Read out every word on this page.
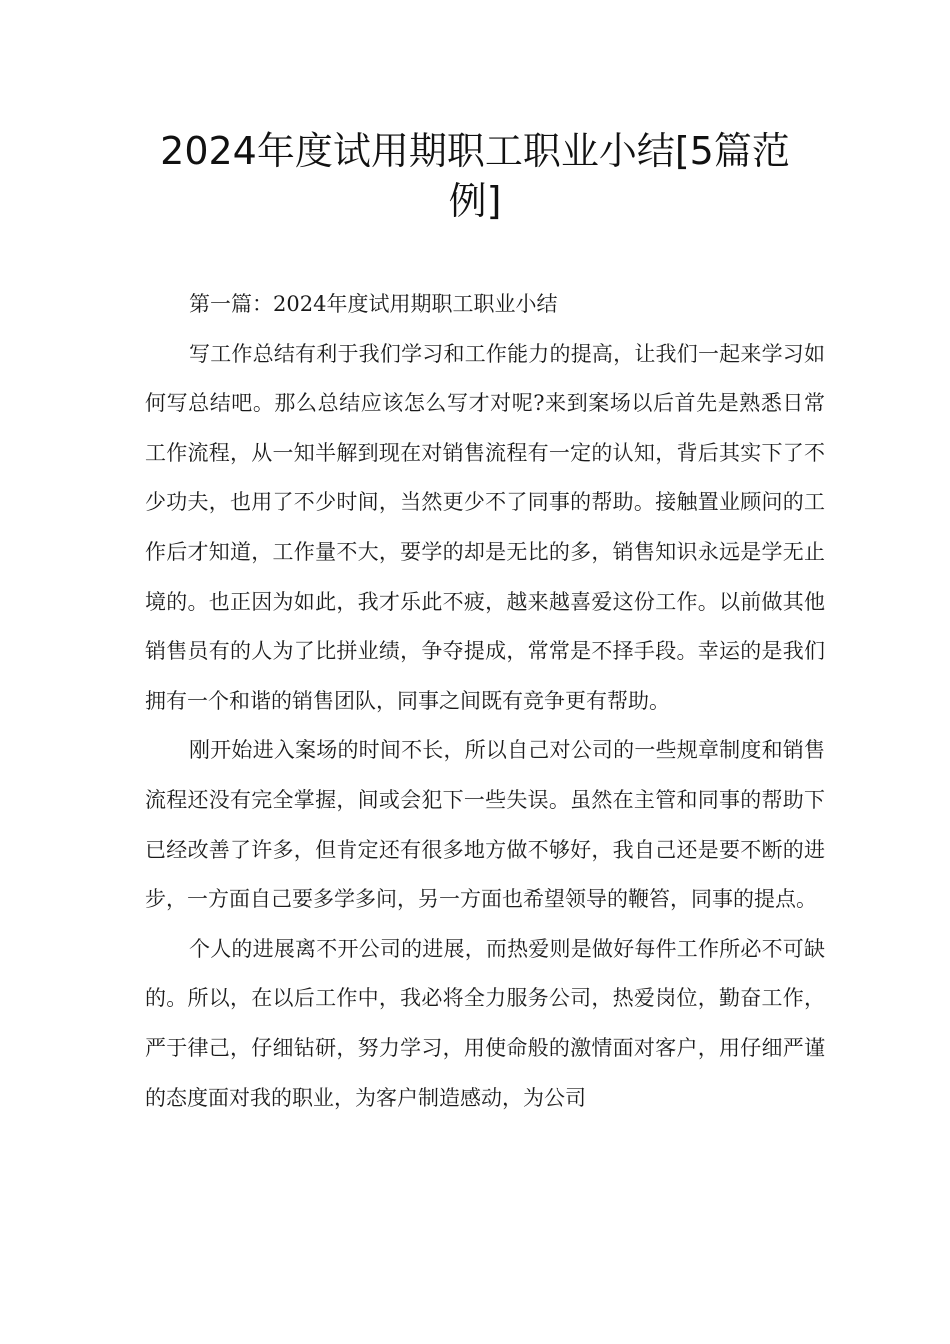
2024年度试用期职工职业小结[5篇范例]

第一篇：2024年度试用期职工职业小结

写工作总结有利于我们学习和工作能力的提高，让我们一起来学习如何写总结吧。那么总结应该怎么写才对呢?来到案场以后首先是熟悉日常工作流程，从一知半解到现在对销售流程有一定的认知，背后其实下了不少功夫，也用了不少时间，当然更少不了同事的帮助。接触置业顾问的工作后才知道，工作量不大，要学的却是无比的多，销售知识永远是学无止境的。也正因为如此，我才乐此不疲，越来越喜爱这份工作。以前做其他销售员有的人为了比拼业绩，争夺提成，常常是不择手段。幸运的是我们拥有一个和谐的销售团队，同事之间既有竞争更有帮助。

刚开始进入案场的时间不长，所以自己对公司的一些规章制度和销售流程还没有完全掌握，间或会犯下一些失误。虽然在主管和同事的帮助下已经改善了许多，但肯定还有很多地方做不够好，我自己还是要不断的进步，一方面自己要多学多问，另一方面也希望领导的鞭笞，同事的提点。

个人的进展离不开公司的进展，而热爱则是做好每件工作所必不可缺的。所以，在以后工作中，我必将全力服务公司，热爱岗位，勤奋工作，严于律己，仔细钻研，努力学习，用使命般的激情面对客户，用仔细严谨的态度面对我的职业，为客户制造感动，为公司
